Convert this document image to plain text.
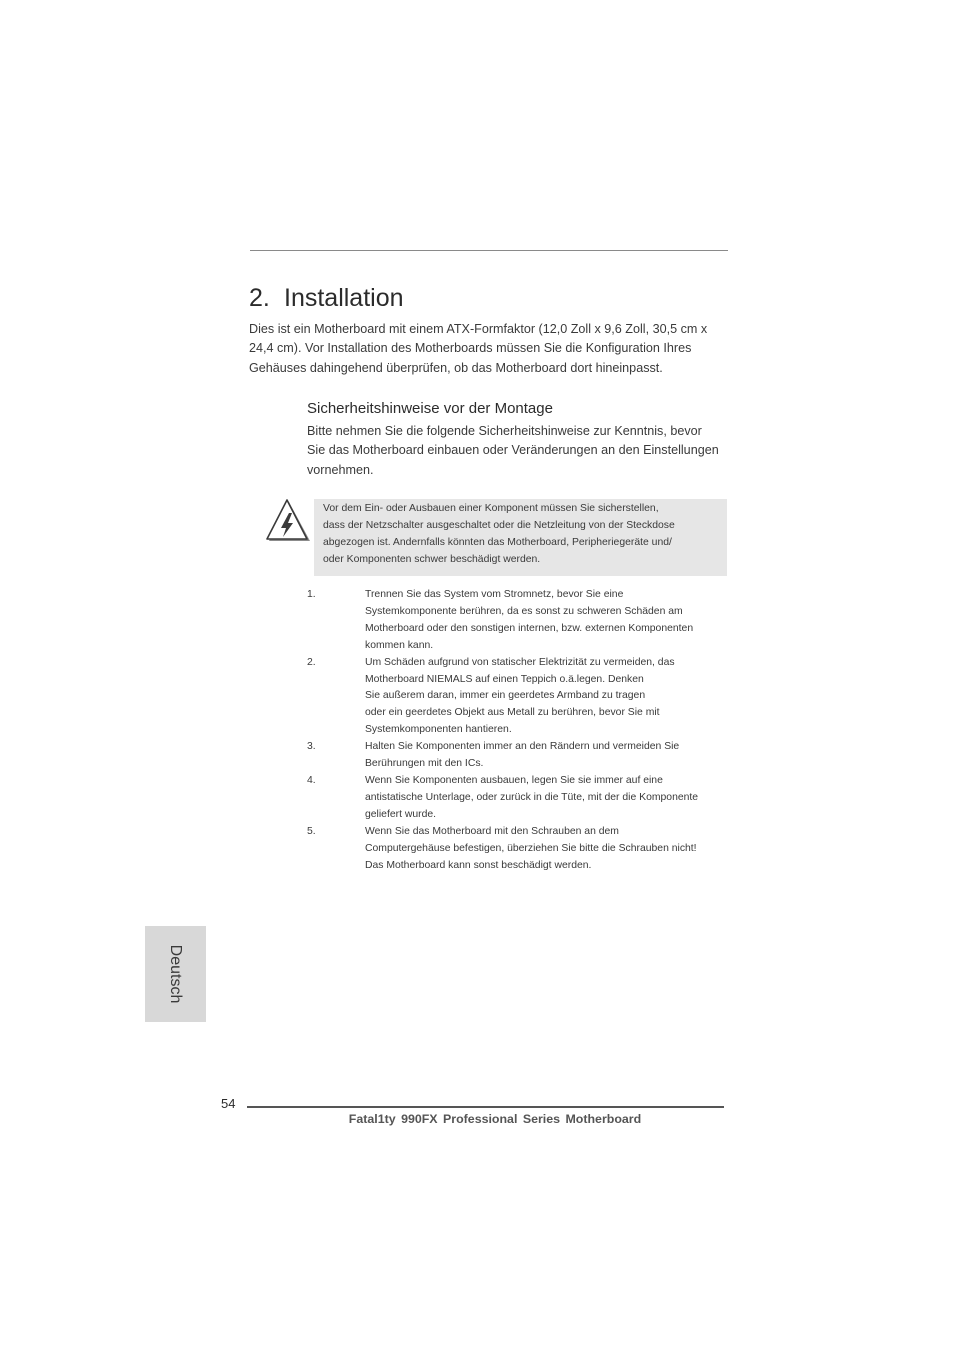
2. Installation
Dies ist ein Motherboard mit einem ATX-Formfaktor (12,0 Zoll x 9,6 Zoll, 30,5 cm x
24,4 cm). Vor Installation des Motherboards müssen Sie die Konfiguration Ihres
Gehäuses dahingehend überprüfen, ob das Motherboard dort hineinpasst.
Sicherheitshinweise vor der Montage
Bitte nehmen Sie die folgende Sicherheitshinweise zur Kenntnis, bevor
Sie das Motherboard einbauen oder Veränderungen an den Einstellungen
vornehmen.
Vor dem Ein- oder Ausbauen einer Komponent müssen Sie sicherstellen,
dass der Netzschalter ausgeschaltet oder die Netzleitung von der Steckdose
abgezogen ist. Andernfalls könnten das Motherboard, Peripheriegeräte und/
oder Komponenten schwer beschädigt werden.
1.	Trennen Sie das System vom Stromnetz, bevor Sie eine
Systemkomponente berühren, da es sonst zu schweren Schäden am
Motherboard oder den sonstigen internen, bzw. externen Komponenten
kommen kann.
2.	Um Schäden aufgrund von statischer Elektrizität zu vermeiden, das
Motherboard NIEMALS auf einen Teppich o.ä.legen. Denken
Sie außerem daran, immer ein geerdetes Armband zu tragen
oder ein geerdetes Objekt aus Metall zu berühren, bevor Sie mit
Systemkomponenten hantieren.
3.	Halten Sie Komponenten immer an den Rändern und vermeiden Sie
Berührungen mit den ICs.
4.	Wenn Sie Komponenten ausbauen, legen Sie sie immer auf eine
antistatische Unterlage, oder zurück in die Tüte, mit der die Komponente
geliefert wurde.
5.	Wenn Sie das Motherboard mit den Schrauben an dem
Computergehäuse befestigen, überziehen Sie bitte die Schrauben nicht!
Das Motherboard kann sonst beschädigt werden.
Deutsch
54
Fatal1ty 990FX Professional Series Motherboard
